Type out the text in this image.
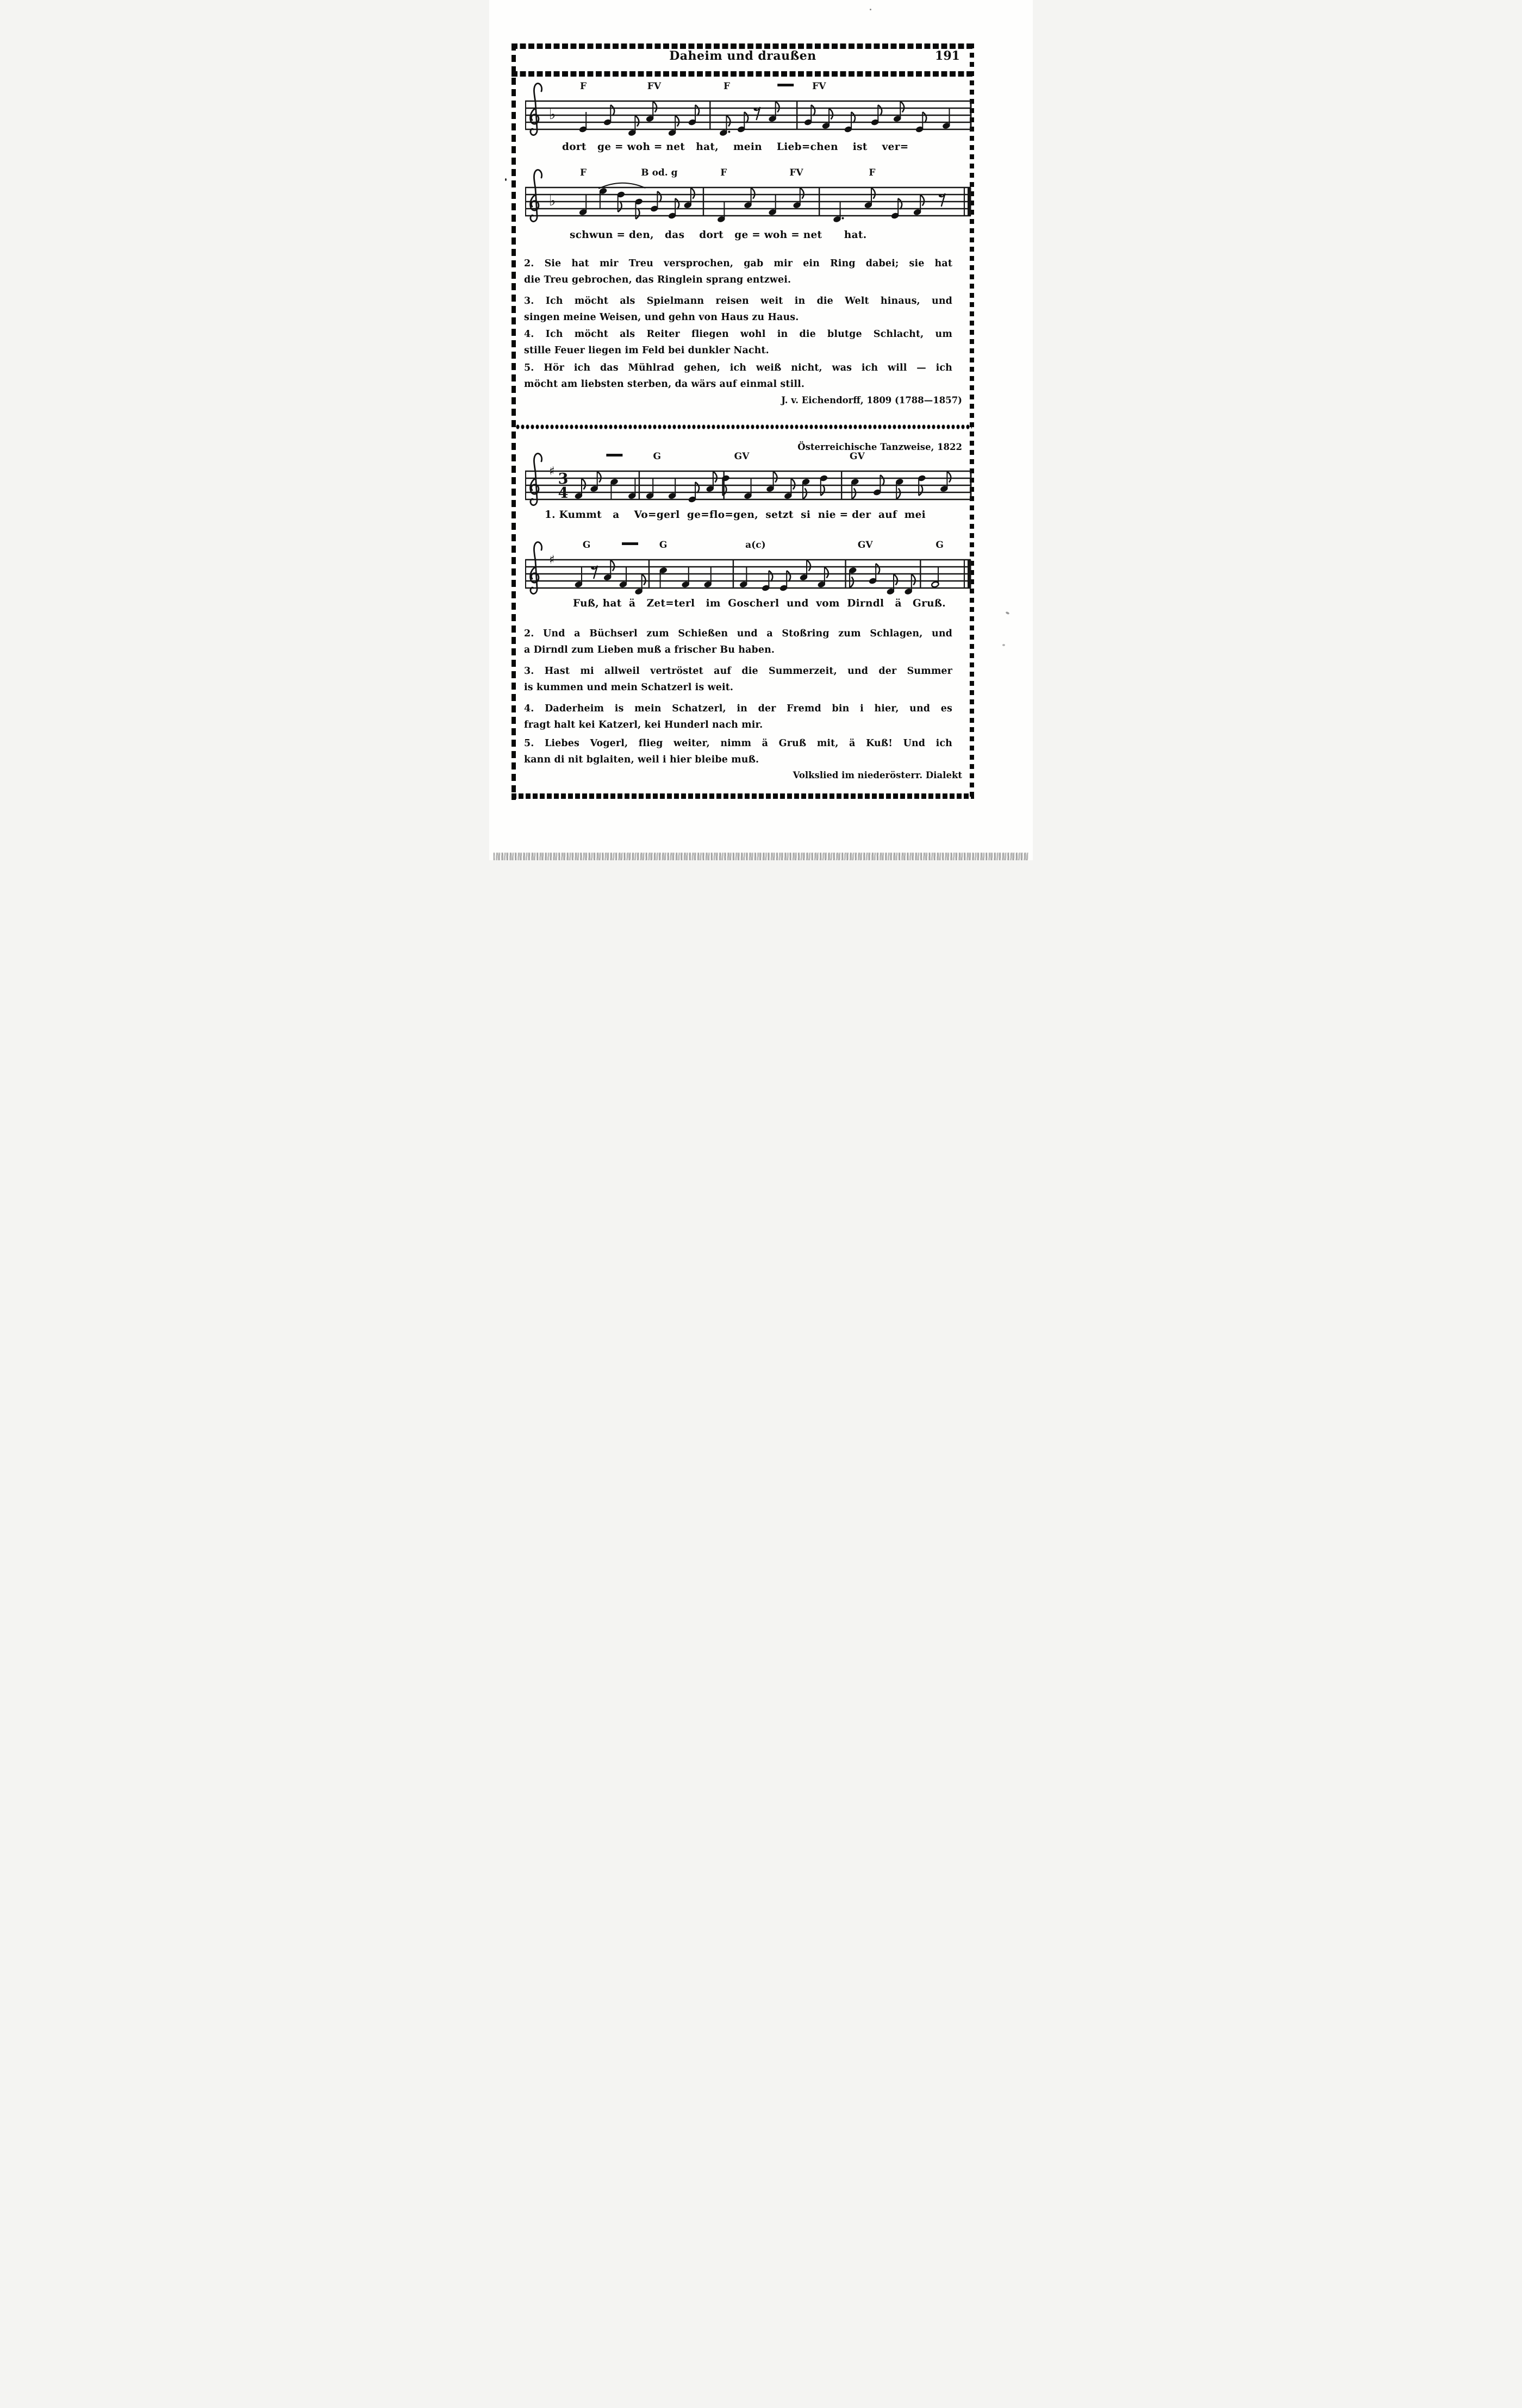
Daheim und draußen	191
♭
F	FV	F	FV
dort   ge = woh = net   hat,    mein    Lieb=chen    ist    ver=
♭
F	B od. g	F	FV	F
schwun = den,   das    dort   ge = woh = net      hat.
2. Sie hat mir Treu versprochen, gab mir ein Ring dabei; sie hat
die Treu gebrochen, das Ringlein sprang entzwei.
3. Ich möcht als Spielmann reisen weit in die Welt hinaus, und
singen meine Weisen, und gehn von Haus zu Haus.
4. Ich möcht als Reiter fliegen wohl in die blutge Schlacht, um
stille Feuer liegen im Feld bei dunkler Nacht.
5. Hör ich das Mühlrad gehen, ich weiß nicht, was ich will — ich
möcht am liebsten sterben, da wärs auf einmal still.
J. v. Eichendorff, 1809 (1788—1857)
Österreichische Tanzweise, 1822
♯ 3
4
G	GV	GV
1. Kummt   a    Vo=gerl  ge=flo=gen,  setzt  si  nie = der  auf  mei
♯
G	G	a(c)	GV	G
Fuß, hat  ä   Zet=terl   im  Goscherl  und  vom  Dirndl   ä   Gruß.
2. Und a Büchserl zum Schießen und a Stoßring zum Schlagen, und
a Dirndl zum Lieben muß a frischer Bu haben.
3. Hast mi allweil vertröstet auf die Summerzeit, und der Summer
is kummen und mein Schatzerl is weit.
4. Daderheim is mein Schatzerl, in der Fremd bin i hier, und es
fragt halt kei Katzerl, kei Hunderl nach mir.
5. Liebes Vogerl, flieg weiter, nimm ä Gruß mit, ä Kuß! Und ich
kann di nit bglaiten, weil i hier bleibe muß.
Volkslied im niederösterr. Dialekt
